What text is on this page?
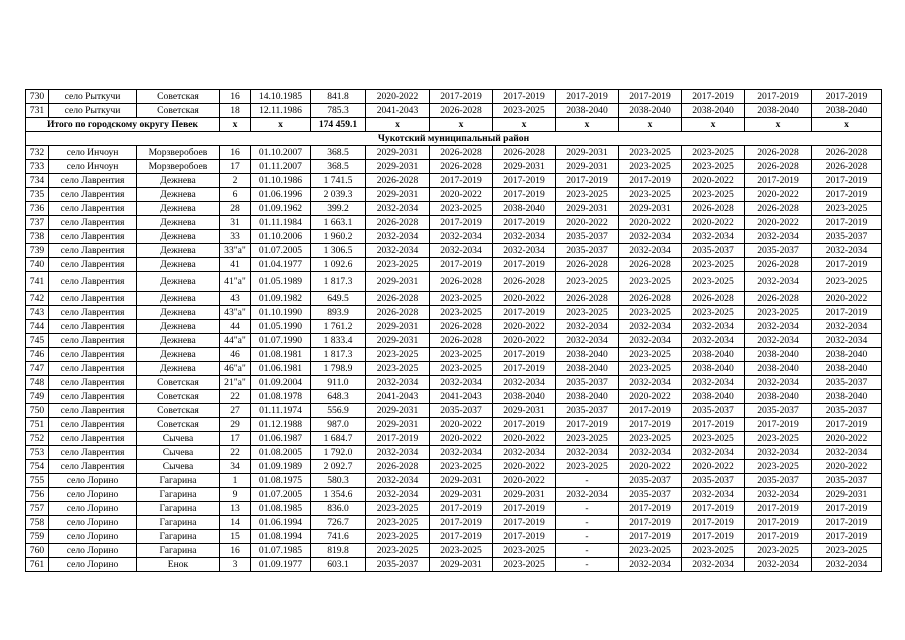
730	село Рыткучи	Советская	16	14.10.1985	841.8	2020-2022	2017-2019	2017-2019	2017-2019	2017-2019	2017-2019	2017-2019	2017-2019
731	село Рыткучи	Советская	18	12.11.1986	785.3	2041-2043	2026-2028	2023-2025	2038-2040	2038-2040	2038-2040	2038-2040	2038-2040
Итого по городскому округу Певек			x	x	174 459.1	x	x	x	x	x	x	x	x
Чукотский муниципальный район													
732	село Инчоун	Морзверобоев	16	01.10.2007	368.5	2029-2031	2026-2028	2026-2028	2029-2031	2023-2025	2023-2025	2026-2028	2026-2028
733	село Инчоун	Морзверобоев	17	01.11.2007	368.5	2029-2031	2026-2028	2029-2031	2029-2031	2023-2025	2023-2025	2026-2028	2026-2028
734	село Лаврентия	Дежнева	2	01.10.1986	1 741.5	2026-2028	2017-2019	2017-2019	2017-2019	2017-2019	2020-2022	2017-2019	2017-2019
735	село Лаврентия	Дежнева	6	01.06.1996	2 039.3	2029-2031	2020-2022	2017-2019	2023-2025	2023-2025	2023-2025	2020-2022	2017-2019
736	село Лаврентия	Дежнева	28	01.09.1962	399.2	2032-2034	2023-2025	2038-2040	2029-2031	2029-2031	2026-2028	2026-2028	2023-2025
737	село Лаврентия	Дежнева	31	01.11.1984	1 663.1	2026-2028	2017-2019	2017-2019	2020-2022	2020-2022	2020-2022	2020-2022	2017-2019
738	село Лаврентия	Дежнева	33	01.10.2006	1 960.2	2032-2034	2032-2034	2032-2034	2035-2037	2032-2034	2032-2034	2032-2034	2035-2037
739	село Лаврентия	Дежнева	33"а"	01.07.2005	1 306.5	2032-2034	2032-2034	2032-2034	2035-2037	2032-2034	2035-2037	2035-2037	2032-2034
740	село Лаврентия	Дежнева	41	01.04.1977	1 092.6	2023-2025	2017-2019	2017-2019	2026-2028	2026-2028	2023-2025	2026-2028	2017-2019
741	село Лаврентия	Дежнева	41"а"	01.05.1989	1 817.3	2029-2031	2026-2028	2026-2028	2023-2025	2023-2025	2023-2025	2032-2034	2023-2025
742	село Лаврентия	Дежнева	43	01.09.1982	649.5	2026-2028	2023-2025	2020-2022	2026-2028	2026-2028	2026-2028	2026-2028	2020-2022
743	село Лаврентия	Дежнева	43"а"	01.10.1990	893.9	2026-2028	2023-2025	2017-2019	2023-2025	2023-2025	2023-2025	2023-2025	2017-2019
744	село Лаврентия	Дежнева	44	01.05.1990	1 761.2	2029-2031	2026-2028	2020-2022	2032-2034	2032-2034	2032-2034	2032-2034	2032-2034
745	село Лаврентия	Дежнева	44"а"	01.07.1990	1 833.4	2029-2031	2026-2028	2020-2022	2032-2034	2032-2034	2032-2034	2032-2034	2032-2034
746	село Лаврентия	Дежнева	46	01.08.1981	1 817.3	2023-2025	2023-2025	2017-2019	2038-2040	2023-2025	2038-2040	2038-2040	2038-2040
747	село Лаврентия	Дежнева	46"а"	01.06.1981	1 798.9	2023-2025	2023-2025	2017-2019	2038-2040	2023-2025	2038-2040	2038-2040	2038-2040
748	село Лаврентия	Советская	21"а"	01.09.2004	911.0	2032-2034	2032-2034	2032-2034	2035-2037	2032-2034	2032-2034	2032-2034	2035-2037
749	село Лаврентия	Советская	22	01.08.1978	648.3	2041-2043	2041-2043	2038-2040	2038-2040	2020-2022	2038-2040	2038-2040	2038-2040
750	село Лаврентия	Советская	27	01.11.1974	556.9	2029-2031	2035-2037	2029-2031	2035-2037	2017-2019	2035-2037	2035-2037	2035-2037
751	село Лаврентия	Советская	29	01.12.1988	987.0	2029-2031	2020-2022	2017-2019	2017-2019	2017-2019	2017-2019	2017-2019	2017-2019
752	село Лаврентия	Сычева	17	01.06.1987	1 684.7	2017-2019	2020-2022	2020-2022	2023-2025	2023-2025	2023-2025	2023-2025	2020-2022
753	село Лаврентия	Сычева	22	01.08.2005	1 792.0	2032-2034	2032-2034	2032-2034	2032-2034	2032-2034	2032-2034	2032-2034	2032-2034
754	село Лаврентия	Сычева	34	01.09.1989	2 092.7	2026-2028	2023-2025	2020-2022	2023-2025	2020-2022	2020-2022	2023-2025	2020-2022
755	село Лорино	Гагарина	1	01.08.1975	580.3	2032-2034	2029-2031	2020-2022	-	2035-2037	2035-2037	2035-2037	2035-2037
756	село Лорино	Гагарина	9	01.07.2005	1 354.6	2032-2034	2029-2031	2029-2031	2032-2034	2035-2037	2032-2034	2032-2034	2029-2031
757	село Лорино	Гагарина	13	01.08.1985	836.0	2023-2025	2017-2019	2017-2019	-	2017-2019	2017-2019	2017-2019	2017-2019
758	село Лорино	Гагарина	14	01.06.1994	726.7	2023-2025	2017-2019	2017-2019	-	2017-2019	2017-2019	2017-2019	2017-2019
759	село Лорино	Гагарина	15	01.08.1994	741.6	2023-2025	2017-2019	2017-2019	-	2017-2019	2017-2019	2017-2019	2017-2019
760	село Лорино	Гагарина	16	01.07.1985	819.8	2023-2025	2023-2025	2023-2025	-	2023-2025	2023-2025	2023-2025	2023-2025
761	село Лорино	Енок	3	01.09.1977	603.1	2035-2037	2029-2031	2023-2025	-	2032-2034	2032-2034	2032-2034	2032-2034
